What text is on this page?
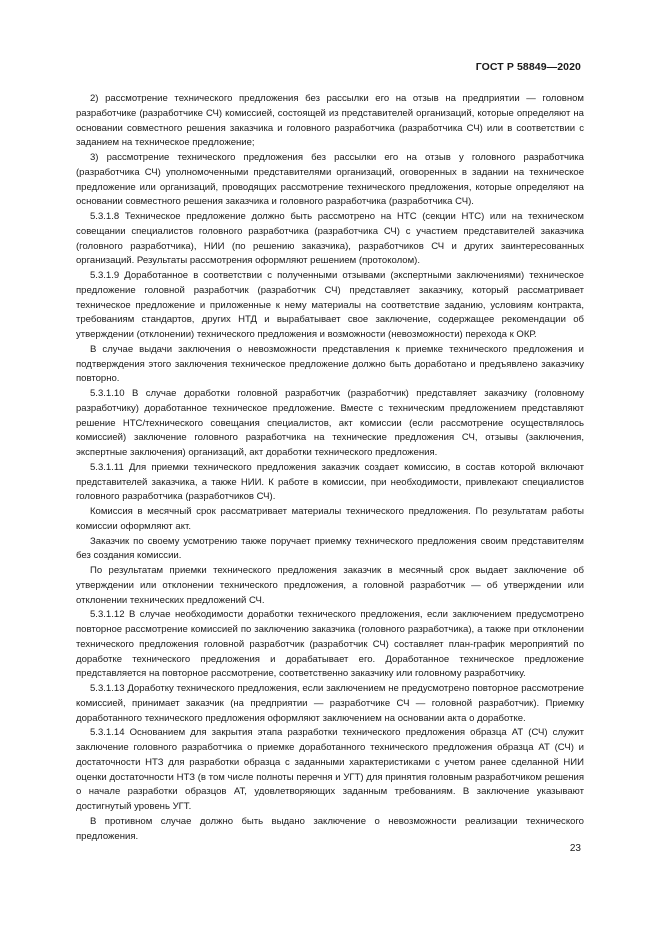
ГОСТ Р 58849—2020

2) рассмотрение технического предложения без рассылки его на отзыв на предприятии — головном разработчике (разработчике СЧ) комиссией, состоящей из представителей организаций, которые определяют на основании совместного решения заказчика и головного разработчика (разработчика СЧ) или в соответствии с заданием на техническое предложение;

3) рассмотрение технического предложения без рассылки его на отзыв у головного разработчика (разработчика СЧ) уполномоченными представителями организаций, оговоренных в задании на техническое предложение или организаций, проводящих рассмотрение технического предложения, которые определяют на основании совместного решения заказчика и головного разработчика (разработчика СЧ).

5.3.1.8 Техническое предложение должно быть рассмотрено на НТС (секции НТС) или на техническом совещании специалистов головного разработчика (разработчика СЧ) с участием представителей заказчика (головного разработчика), НИИ (по решению заказчика), разработчиков СЧ и других заинтересованных организаций. Результаты рассмотрения оформляют решением (протоколом).

5.3.1.9 Доработанное в соответствии с полученными отзывами (экспертными заключениями) техническое предложение головной разработчик (разработчик СЧ) представляет заказчику, который рассматривает техническое предложение и приложенные к нему материалы на соответствие заданию, условиям контракта, требованиям стандартов, других НТД и вырабатывает свое заключение, содержащее рекомендации об утверждении (отклонении) технического предложения и возможности (невозможности) перехода к ОКР.

В случае выдачи заключения о невозможности представления к приемке технического предложения и подтверждения этого заключения техническое предложение должно быть доработано и предъявлено заказчику повторно.

5.3.1.10 В случае доработки головной разработчик (разработчик) представляет заказчику (головному разработчику) доработанное техническое предложение. Вместе с техническим предложением представляют решение НТС/технического совещания специалистов, акт комиссии (если рассмотрение осуществлялось комиссией) заключение головного разработчика на технические предложения СЧ, отзывы (заключения, экспертные заключения) организаций, акт доработки технического предложения.

5.3.1.11 Для приемки технического предложения заказчик создает комиссию, в состав которой включают представителей заказчика, а также НИИ. К работе в комиссии, при необходимости, привлекают специалистов головного разработчика (разработчиков СЧ).

Комиссия в месячный срок рассматривает материалы технического предложения. По результатам работы комиссии оформляют акт.

Заказчик по своему усмотрению также поручает приемку технического предложения своим представителям без создания комиссии.

По результатам приемки технического предложения заказчик в месячный срок выдает заключение об утверждении или отклонении технического предложения, а головной разработчик — об утверждении или отклонении технических предложений СЧ.

5.3.1.12 В случае необходимости доработки технического предложения, если заключением предусмотрено повторное рассмотрение комиссией по заключению заказчика (головного разработчика), а также при отклонении технического предложения головной разработчик (разработчик СЧ) составляет план-график мероприятий по доработке технического предложения и дорабатывает его. Доработанное техническое предложение представляется на повторное рассмотрение, соответственно заказчику или головному разработчику.

5.3.1.13 Доработку технического предложения, если заключением не предусмотрено повторное рассмотрение комиссией, принимает заказчик (на предприятии — разработчике СЧ — головной разработчик). Приемку доработанного технического предложения оформляют заключением на основании акта о доработке.

5.3.1.14 Основанием для закрытия этапа разработки технического предложения образца АТ (СЧ) служит заключение головного разработчика о приемке доработанного технического предложения образца АТ (СЧ) и достаточности НТЗ для разработки образца с заданными характеристиками с учетом ранее сделанной НИИ оценки достаточности НТЗ (в том числе полноты перечня и УГТ) для принятия головным разработчиком решения о начале разработки образцов АТ, удовлетворяющих заданным требованиям. В заключение указывают достигнутый уровень УГТ.

В противном случае должно быть выдано заключение о невозможности реализации технического предложения.

23
